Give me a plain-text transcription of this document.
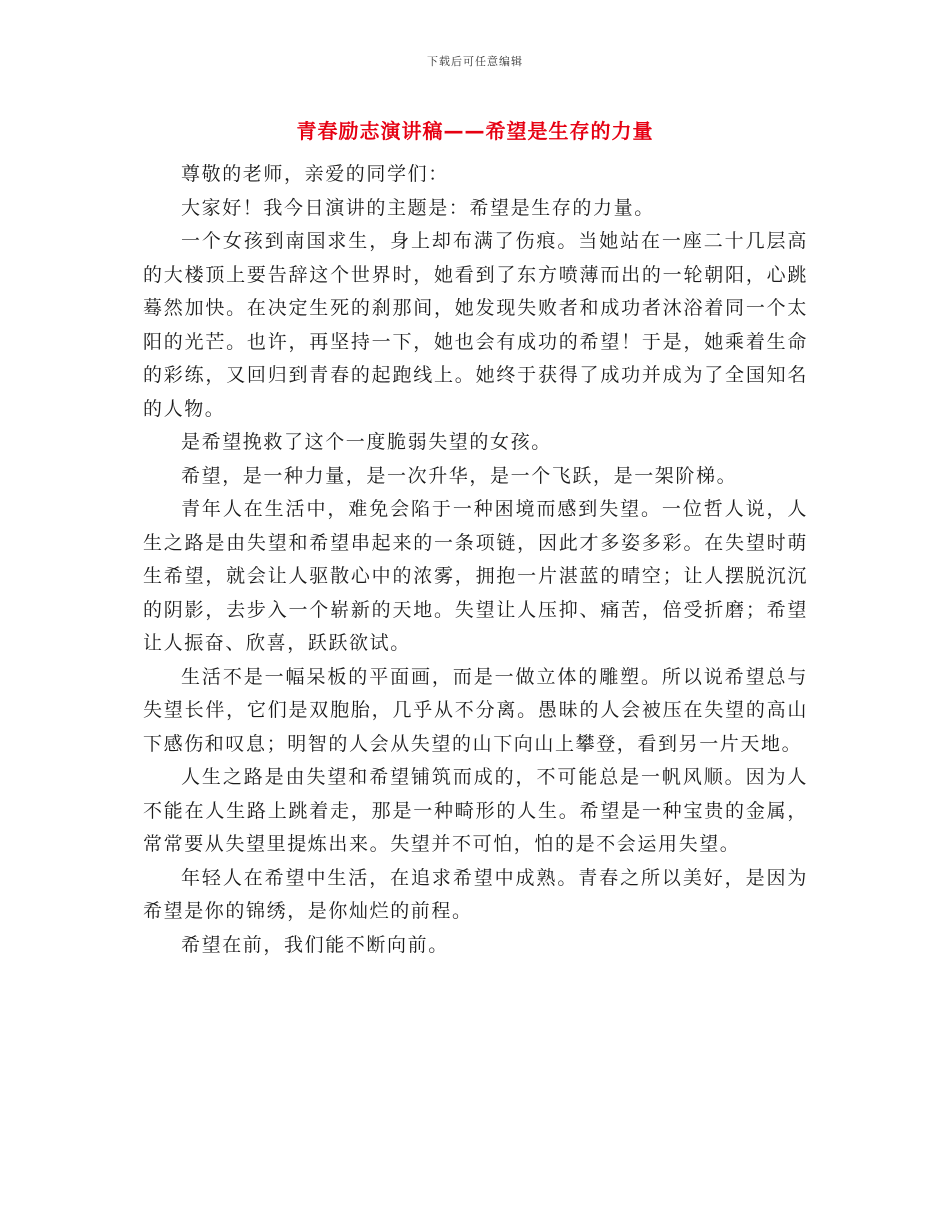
下载后可任意编辑
青春励志演讲稿——希望是生存的力量

尊敬的老师，亲爱的同学们：

大家好！我今日演讲的主题是：希望是生存的力量。

一个女孩到南国求生，身上却布满了伤痕。当她站在一座二十几层高的大楼顶上要告辞这个世界时，她看到了东方喷薄而出的一轮朝阳，心跳蓦然加快。在决定生死的刹那间，她发现失败者和成功者沐浴着同一个太阳的光芒。也许，再坚持一下，她也会有成功的希望！于是，她乘着生命的彩练，又回归到青春的起跑线上。她终于获得了成功并成为了全国知名的人物。

是希望挽救了这个一度脆弱失望的女孩。

希望，是一种力量，是一次升华，是一个飞跃，是一架阶梯。

青年人在生活中，难免会陷于一种困境而感到失望。一位哲人说，人生之路是由失望和希望串起来的一条项链，因此才多姿多彩。在失望时萌生希望，就会让人驱散心中的浓雾，拥抱一片湛蓝的晴空；让人摆脱沉沉的阴影，去步入一个崭新的天地。失望让人压抑、痛苦，倍受折磨；希望让人振奋、欣喜，跃跃欲试。

生活不是一幅呆板的平面画，而是一做立体的雕塑。所以说希望总与失望长伴，它们是双胞胎，几乎从不分离。愚昧的人会被压在失望的高山下感伤和叹息；明智的人会从失望的山下向山上攀登，看到另一片天地。

人生之路是由失望和希望铺筑而成的，不可能总是一帆风顺。因为人不能在人生路上跳着走，那是一种畸形的人生。希望是一种宝贵的金属，常常要从失望里提炼出来。失望并不可怕，怕的是不会运用失望。

年轻人在希望中生活，在追求希望中成熟。青春之所以美好，是因为希望是你的锦绣，是你灿烂的前程。

希望在前，我们能不断向前。
